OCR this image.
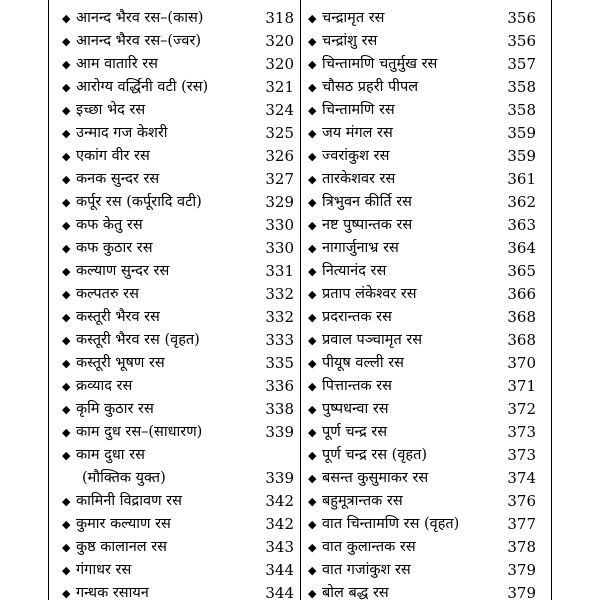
◆ आनन्द भैरव रस–(कास)	318
◆ आनन्द भैरव रस–(ज्वर)	320
◆ आम वातारि रस	320
◆ आरोग्य वर्द्धिनी वटी (रस)	321
◆ इच्छा भेद रस	324
◆ उन्माद गज केशरी	325
◆ एकांग वीर रस	326
◆ कनक सुन्दर रस	327
◆ कर्पूर रस (कर्पूरादि वटी)	329
◆ कफ केतु रस	330
◆ कफ कुठार रस	330
◆ कल्याण सुन्दर रस	331
◆ कल्पतरु रस	332
◆ कस्तूरी भैरव रस	332
◆ कस्तूरी भैरव रस (वृहत)	333
◆ कस्तूरी भूषण रस	335
◆ क्रव्याद रस	336
◆ कृमि कुठार रस	338
◆ काम दुध रस–(साधारण)	339
◆ काम दुधा रस
(मौक्तिक युक्त)	339
◆ कामिनी विद्रावण रस	342
◆ कुमार कल्याण रस	342
◆ कुष्ठ कालानल रस	343
◆ गंगाधर रस	344
◆ गन्धक रसायन	344
◆ चन्द्रामृत रस	356
◆ चन्द्रांशु रस	356
◆ चिन्तामणि चतुर्मुख रस	357
◆ चौसठ प्रहरी पीपल	358
◆ चिन्तामणि रस	358
◆ जय मंगल रस	359
◆ ज्वरांकुश रस	359
◆ तारकेशवर रस	361
◆ त्रिभुवन कीर्ति रस	362
◆ नष्ट पुष्पान्तक रस	363
◆ नागार्जुनाभ्र रस	364
◆ नित्यानंद रस	365
◆ प्रताप लंकेश्वर रस	366
◆ प्रदरान्तक रस	368
◆ प्रवाल पञ्चामृत रस	368
◆ पीयूष वल्ली रस	370
◆ पित्तान्तक रस	371
◆ पुष्पधन्वा रस	372
◆ पूर्ण चन्द्र रस	373
◆ पूर्ण चन्द्र रस (वृहत)	373
◆ बसन्त कुसुमाकर रस	374
◆ बहुमूत्रान्तक रस	376
◆ वात चिन्तामणि रस (वृहत)	377
◆ वात कुलान्तक रस	378
◆ वात गजांकुश रस	379
◆ बोल बद्ध रस	379
